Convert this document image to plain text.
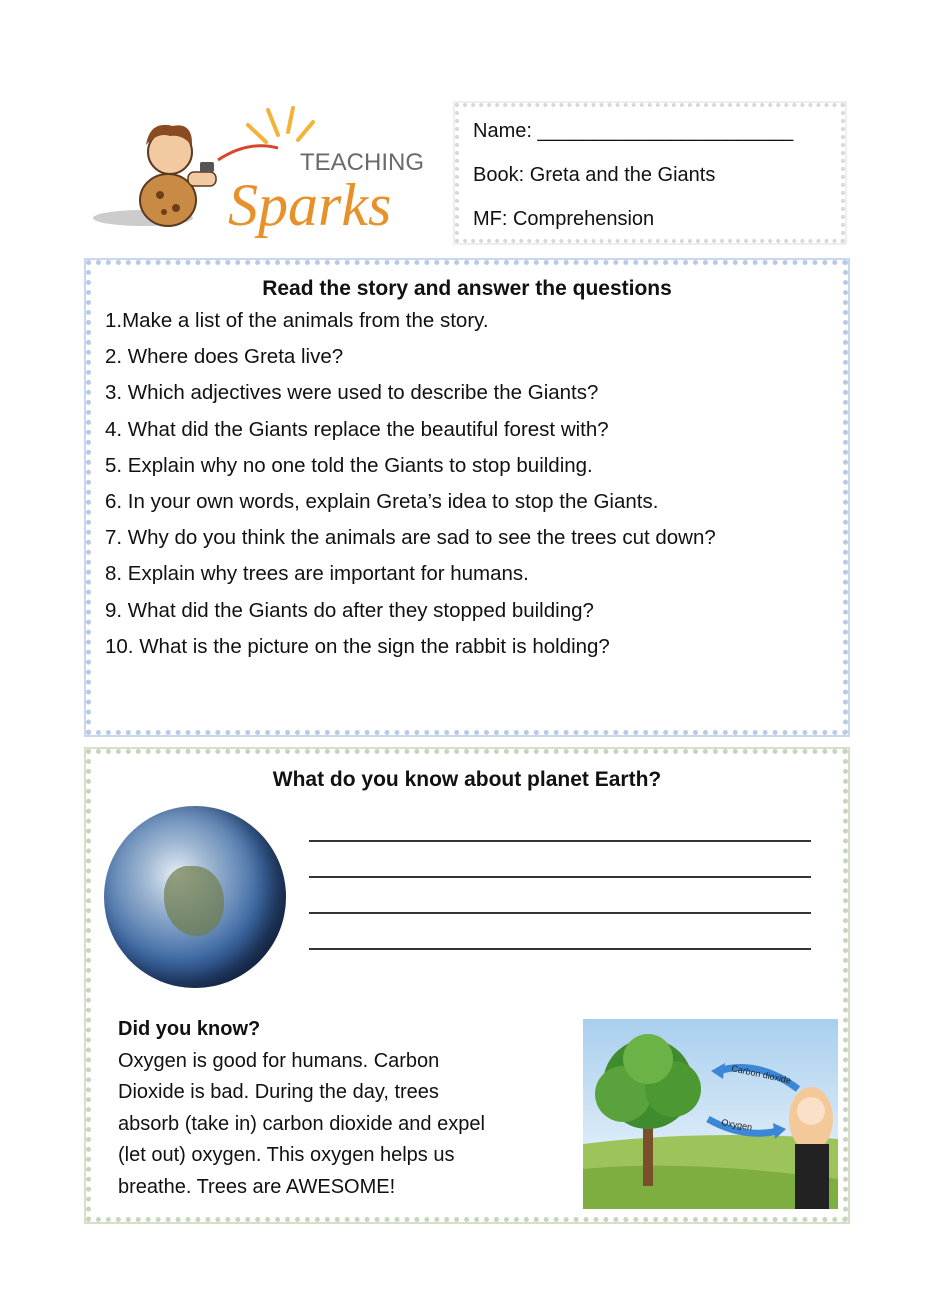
TEACHING
Sparks
Name: _______________________
Book: Greta and the Giants
MF: Comprehension
Read the story and answer the questions
1.Make a list of the animals from the story.
2. Where does Greta live?
3. Which adjectives were used to describe the Giants?
4. What did the Giants replace the beautiful forest with?
5. Explain why no one told the Giants to stop building.
6. In your own words, explain Greta’s idea to stop the Giants.
7. Why do you think the animals are sad to see the trees cut down?
8. Explain why trees are important for humans.
9. What did the Giants do after they stopped building?
10. What is the picture on the sign the rabbit is holding?
What do you know about planet Earth?
Did you know?
Oxygen is good for humans. Carbon
Dioxide is bad. During the day, trees
absorb (take in) carbon dioxide and expel
(let out) oxygen. This oxygen helps us
breathe. Trees are AWESOME!
Carbon dioxide
Oxygen
